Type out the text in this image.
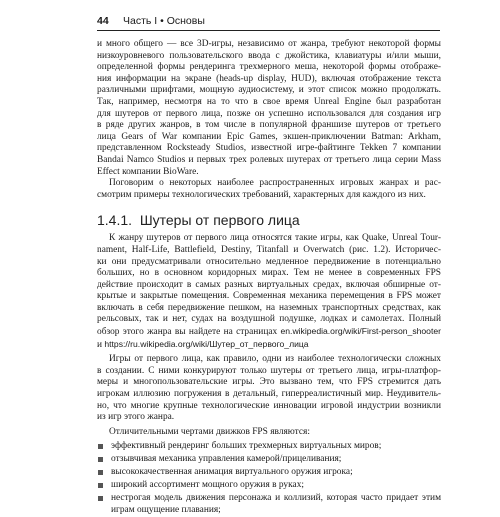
44 Часть I • Основы

и много общего — все 3D-игры, независимо от жанра, требуют некоторой формы

низкоуровневого пользовательского ввода с джойстика, клавиатуры и/или мыши,

определенной формы рендеринга трехмерного меша, некоторой формы отображе-

ния информации на экране (heads-up display, HUD), включая отображение текста

различными шрифтами, мощную аудиосистему, и этот список можно продолжать.

Так, например, несмотря на то что в свое время Unreal Engine был разработан

для шутеров от первого лица, позже он успешно использовался для создания игр

в ряде других жанров, в том числе в популярной франшизе шутеров от третьего

лица Gears of War компании Epic Games, экшен-приключении Batman: Arkham,

представленном Rocksteady Studios, известной игре-файтинге Tekken 7 компании

Bandai Namco Studios и первых трех ролевых шутерах от третьего лица серии Mass

Effect компании BioWare.

Поговорим о некоторых наиболее распространенных игровых жанрах и рас-

смотрим примеры технологических требований, характерных для каждого из них.

1.4.1. Шутеры от первого лица

К жанру шутеров от первого лица относятся такие игры, как Quake, Unreal Tour-

nament, Half-Life, Battlefield, Destiny, Titanfall и Overwatch (рис. 1.2). Историчес-

ки они предусматривали относительно медленное передвижение в потенциально

больших, но в основном коридорных мирах. Тем не менее в современных FPS

действие происходит в самых разных виртуальных средах, включая обширные от-

крытые и закрытые помещения. Современная механика перемещения в FPS может

включать в себя передвижение пешком, на наземных транспортных средствах, как

рельсовых, так и нет, судах на воздушной подушке, лодках и самолетах. Полный

обзор этого жанра вы найдете на страницах en.wikipedia.org/wiki/First-person_shooter

и https://ru.wikipedia.org/wiki/Шутер_от_первого_лица

Игры от первого лица, как правило, одни из наиболее технологически сложных

в создании. С ними конкурируют только шутеры от третьего лица, игры-платфор-

меры и многопользовательские игры. Это вызвано тем, что FPS стремится дать

игрокам иллюзию погружения в детальный, гиперреалистичный мир. Неудивитель-

но, что многие крупные технологические инновации игровой индустрии возникли

из игр этого жанра.

Отличительными чертами движков FPS являются:

эффективный рендеринг больших трехмерных виртуальных миров;
отзывчивая механика управления камерой/прицеливания;
высококачественная анимация виртуального оружия игрока;
широкий ассортимент мощного оружия в руках;

нестрогая модель движения персонажа и коллизий, которая часто придает этим

играм ощущение плавания;
